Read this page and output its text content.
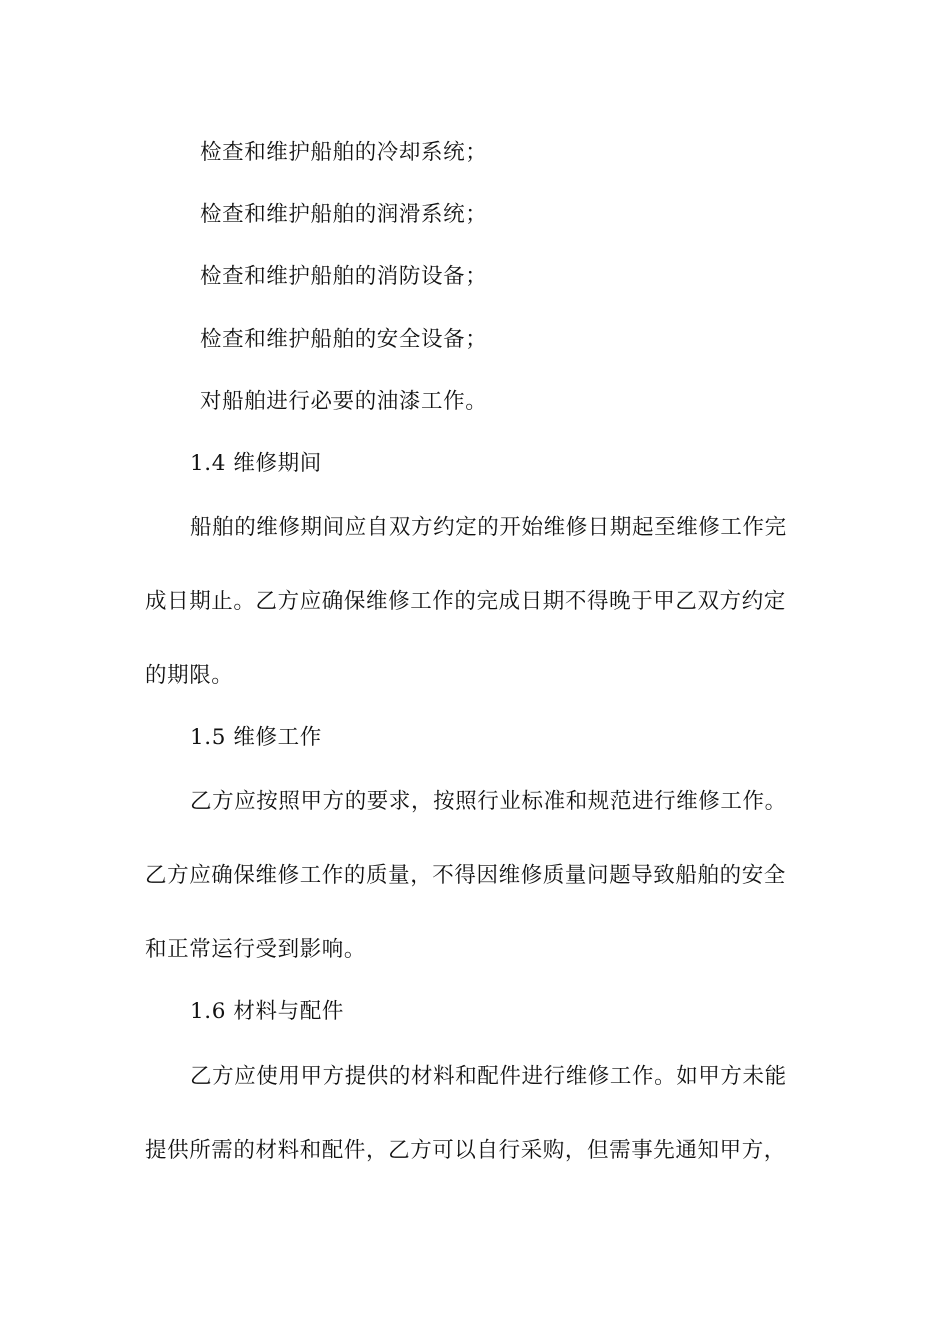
检查和维护船舶的冷却系统；
检查和维护船舶的润滑系统；
检查和维护船舶的消防设备；
检查和维护船舶的安全设备；
对船舶进行必要的油漆工作。
1.4 维修期间
船舶的维修期间应自双方约定的开始维修日期起至维修工作完
成日期止。乙方应确保维修工作的完成日期不得晚于甲乙双方约定
的期限。
1.5 维修工作
乙方应按照甲方的要求，按照行业标准和规范进行维修工作。
乙方应确保维修工作的质量，不得因维修质量问题导致船舶的安全
和正常运行受到影响。
1.6 材料与配件
乙方应使用甲方提供的材料和配件进行维修工作。如甲方未能
提供所需的材料和配件，乙方可以自行采购，但需事先通知甲方，
